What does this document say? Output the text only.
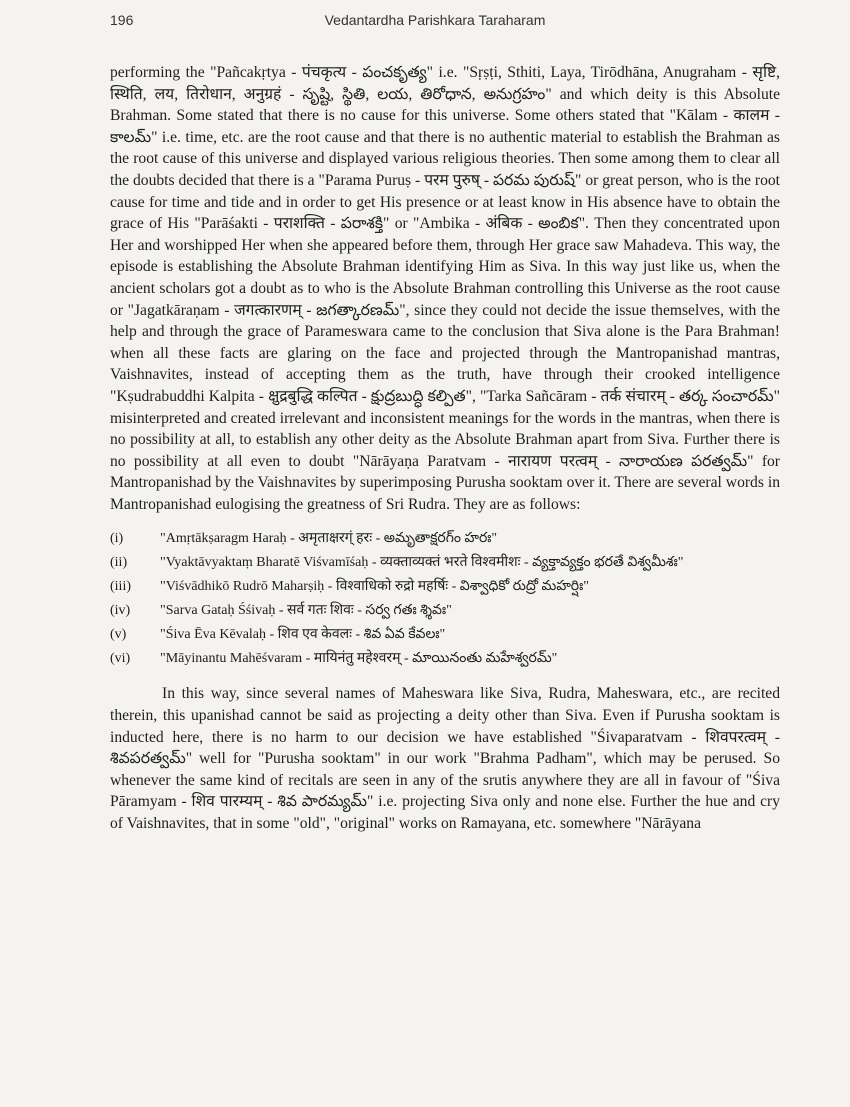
196	Vedantardha Parishkara Taraharam

performing the "Pañcakṛtya - पंचकृत्य - పంచకృత్య" i.e. "Sṛṣṭi, Sthiti, Laya, Tirōdhāna, Anugraham - सृष्टि, स्थिति, लय, तिरोधान, अनुग्रहं - సృష్టి, స్థితి, లయ, తిరోధాన, అనుగ్రహం" and which deity is this Absolute Brahman. Some stated that there is no cause for this universe. Some others stated that "Kālam - कालम - కాలమ్" i.e. time, etc. are the root cause and that there is no authentic material to establish the Brahman as the root cause of this universe and displayed various religious theories. Then some among them to clear all the doubts decided that there is a "Parama Puruṣ - परम पुरुष् - పరమ పురుష్" or great person, who is the root cause for time and tide and in order to get His presence or at least know in His absence have to obtain the grace of His "Parāśakti - पराशक्ति - పరాశక్తి" or "Ambika - अंबिक - అంబిక". Then they concentrated upon Her and worshipped Her when she appeared before them, through Her grace saw Mahadeva. This way, the episode is establishing the Absolute Brahman identifying Him as Siva. In this way just like us, when the ancient scholars got a doubt as to who is the Absolute Brahman controlling this Universe as the root cause or "Jagatkāraṇam - जगत्कारणम् - జగత్కారణమ్", since they could not decide the issue themselves, with the help and through the grace of Parameswara came to the conclusion that Siva alone is the Para Brahman! when all these facts are glaring on the face and projected through the Mantropanishad mantras, Vaishnavites, instead of accepting them as the truth, have through their crooked intelligence "Kṣudrabuddhi Kalpita - क्षुद्रबुद्धि कल्पित - క్షుద్రబుద్ధి కల్పిత", "Tarka Sañcāram - तर्क संचारम् - తర్క సంచారమ్" misinterpreted and created irrelevant and inconsistent meanings for the words in the mantras, when there is no possibility at all, to establish any other deity as the Absolute Brahman apart from Siva. Further there is no possibility at all even to doubt "Nārāyaṇa Paratvam - नारायण परत्वम् - నారాయణ పరత్వమ్" for Mantropanishad by the Vaishnavites by superimposing Purusha sooktam over it. There are several words in Mantropanishad eulogising the greatness of Sri Rudra. They are as follows:

(i)	"Amṛtākṣaragm Haraḥ - अमृताक्षरग्ं हरः - అమృతాక్షరగ్ం హరః"
(ii)	"Vyaktāvyaktaṃ Bharatē Viśvamīśaḥ - व्यक्ताव्यक्तं भरते विश्वमीशः - వ్యక్తావ్యక్తం భరతే విశ్వమీశః"
(iii)	"Viśvādhikō Rudrō Maharṣiḥ - विश्वाधिको रुद्रो महर्षिः - విశ్వాధికో రుద్రో మహర్షిః"
(iv)	"Sarva Gataḥ Śśivaḥ - सर्व गतः शिवः - సర్వ గతః శ్శివః"
(v)	"Śiva Ēva Kēvalaḥ - शिव एव केवलः - శివ ఏవ కేవలః"
(vi)	"Māyinantu Mahēśvaram - मायिनंतु महेश्वरम् - మాయినంతు మహేశ్వరమ్"

In this way, since several names of Maheswara like Siva, Rudra, Maheswara, etc., are recited therein, this upanishad cannot be said as projecting a deity other than Siva. Even if Purusha sooktam is inducted here, there is no harm to our decision we have established "Śivaparatvam - शिवपरत्वम् - శివపరత్వమ్" well for "Purusha sooktam" in our work "Brahma Padham", which may be perused. So whenever the same kind of recitals are seen in any of the srutis anywhere they are all in favour of "Śiva Pāramyam - शिव पारम्यम् - శివ పారమ్యమ్" i.e. projecting Siva only and none else. Further the hue and cry of Vaishnavites, that in some "old", "original" works on Ramayana, etc. somewhere "Nārāyana
